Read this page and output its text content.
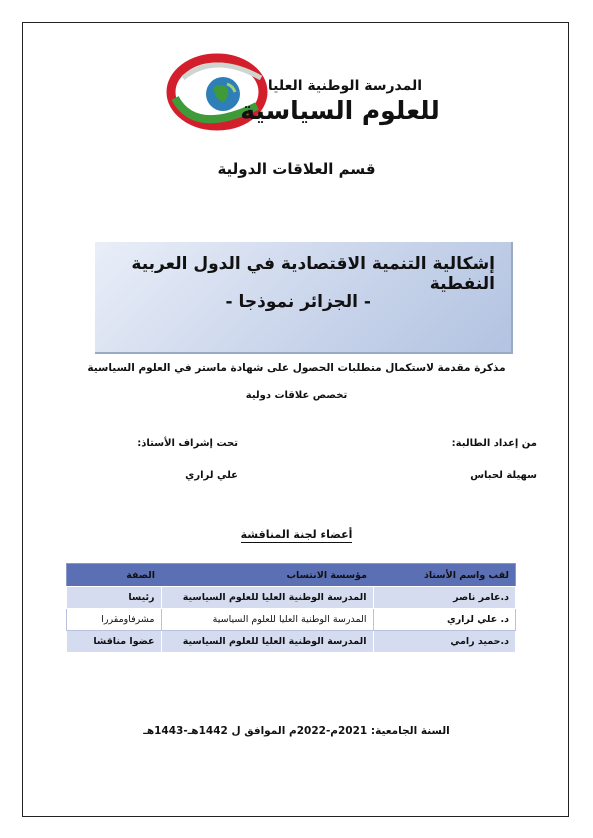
المدرسة الوطنية العليا
للعلوم السياسية
قسم العلاقات الدولية
إشكالية التنمية الاقتصادية في الدول العربية النفطية
- الجزائر نموذجا -
مذكرة مقدمة لاستكمال متطلبات الحصول على شهادة ماستر في العلوم السياسية
تخصص علاقات دولية
من إعداد الطالبة:
تحت إشراف الأستاذ:
سهيلة لحباس
علي لراري
أعضاء لجنة المناقشة
لقب واسم الأستاذ	مؤسسة الانتساب	الصفة
د.عامر ناصر	المدرسة الوطنية العليا للعلوم السياسية	رئيسا
د. علي لراري	المدرسة الوطنية العليا للعلوم السياسية	مشرفاومقررا
د.حميد رامي	المدرسة الوطنية العليا للعلوم السياسية	عضوا مناقشا
السنة الجامعية: 2021م-2022م الموافق ل 1442هـ-1443هـ
